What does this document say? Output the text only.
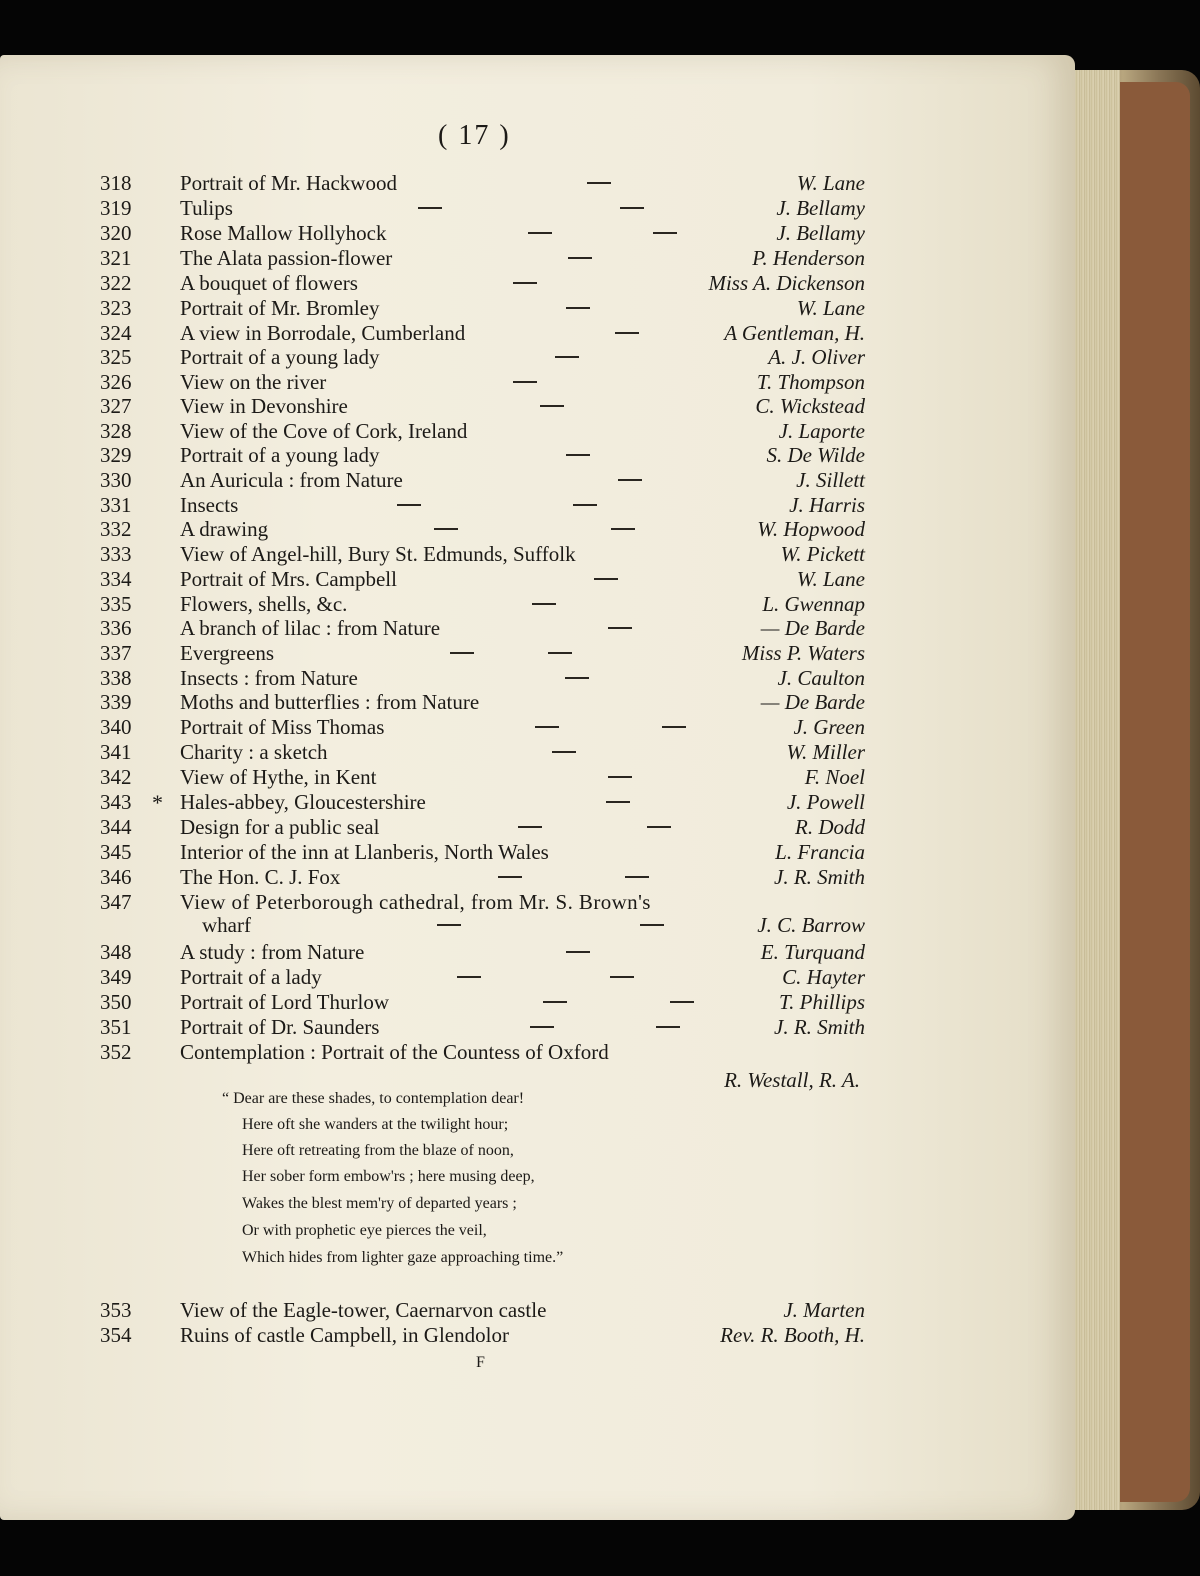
( 17 )
318 Portrait of Mr. Hackwood	W. Lane
319 Tulips	J. Bellamy
320 Rose Mallow Hollyhock	J. Bellamy
321 The Alata passion-flower	P. Henderson
322 A bouquet of flowers	Miss A. Dickenson
323 Portrait of Mr. Bromley	W. Lane
324 A view in Borrodale, Cumberland	A Gentleman, H.
325 Portrait of a young lady	A. J. Oliver
326 View on the river	T. Thompson
327 View in Devonshire	C. Wickstead
328 View of the Cove of Cork, Ireland	J. Laporte
329 Portrait of a young lady	S. De Wilde
330 An Auricula : from Nature	J. Sillett
331 Insects	J. Harris
332 A drawing	W. Hopwood
333 View of Angel-hill, Bury St. Edmunds, Suffolk	W. Pickett
334 Portrait of Mrs. Campbell	W. Lane
335 Flowers, shells, &c.	L. Gwennap
336 A branch of lilac : from Nature	— De Barde
337 Evergreens	Miss P. Waters
338 Insects : from Nature	J. Caulton
339 Moths and butterflies : from Nature	— De Barde
340 Portrait of Miss Thomas	J. Green
341 Charity : a sketch	W. Miller
342 View of Hythe, in Kent	F. Noel
343 * Hales-abbey, Gloucestershire	J. Powell
344 Design for a public seal	R. Dodd
345 Interior of the inn at Llanberis, North Wales	L. Francia
346 The Hon. C. J. Fox	J. R. Smith
347 View of Peterborough cathedral, from Mr. S. Brown's
wharf	J. C. Barrow
348 A study : from Nature	E. Turquand
349 Portrait of a lady	C. Hayter
350 Portrait of Lord Thurlow	T. Phillips
351 Portrait of Dr. Saunders	J. R. Smith
352 Contemplation : Portrait of the Countess of Oxford
R. Westall, R. A.
“ Dear are these shades, to contemplation dear!
Here oft she wanders at the twilight hour;
Here oft retreating from the blaze of noon,
Her sober form embow'rs ; here musing deep,
Wakes the blest mem'ry of departed years ;
Or with prophetic eye pierces the veil,
Which hides from lighter gaze approaching time.”
353 View of the Eagle-tower, Caernarvon castle	J. Marten
354 Ruins of castle Campbell, in Glendolor	Rev. R. Booth, H.
F
